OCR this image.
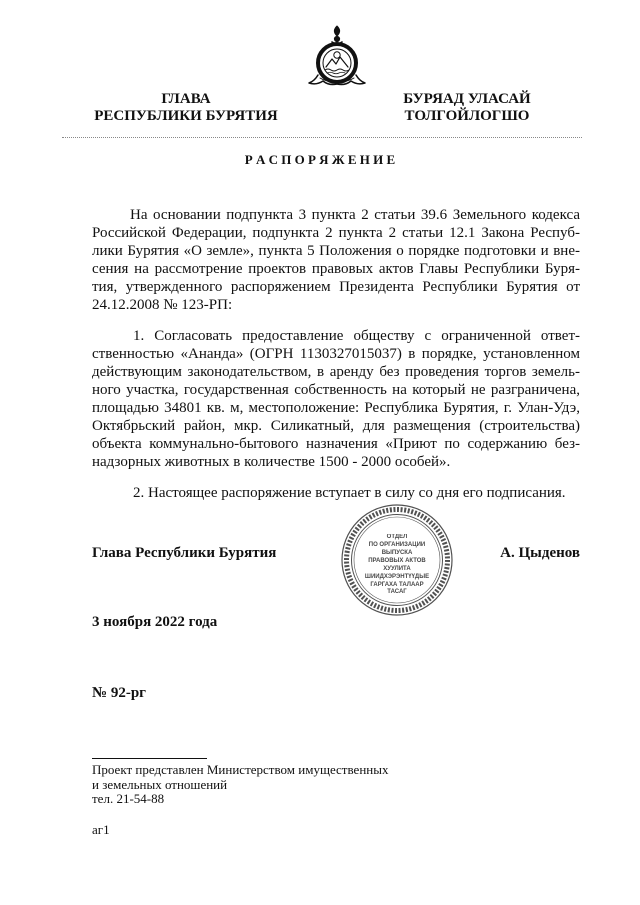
ГЛАВА
РЕСПУБЛИКИ БУРЯТИЯ
БУРЯАД УЛАСАЙ
ТОЛГОЙЛОГШО
Р А С П О Р Я Ж Е Н И Е
На основании подпункта 3 пункта 2 статьи 39.6 Земельного кодекса
Российской Федерации, подпункта 2 пункта 2 статьи 12.1 Закона Респуб-
лики Бурятия «О земле», пункта 5 Положения о порядке подготовки и вне-
сения на рассмотрение проектов правовых актов Главы Республики Буря-
тия, утвержденного распоряжением Президента Республики Бурятия от
24.12.2008 № 123-РП:
1. Согласовать предоставление обществу с ограниченной ответ-
ственностью «Ананда» (ОГРН 1130327015037) в порядке, установленном
действующим законодательством, в аренду без проведения торгов земель-
ного участка, государственная собственность на который не разграничена,
площадью 34801 кв. м, местоположение: Республика Бурятия, г. Улан-Удэ,
Октябрьский район, мкр. Силикатный, для размещения (строительства)
объекта коммунально-бытового назначения «Приют по содержанию без-
надзорных животных в количестве 1500 - 2000 особей».
2. Настоящее распоряжение вступает в силу со дня его подписания.
ОТДЕЛ
ПО ОРГАНИЗАЦИИ
ВЫПУСКА
ПРАВОВЫХ АКТОВ
ХУУЛИТА
ШИИДХЭРЭНТҮҮДЫЕ
ГАРГАХА ТАЛААР
ТАСАГ
Глава Республики Бурятия	А. Цыденов
3 ноября 2022 года
№ 92-рг
Проект представлен Министерством имущественных
и земельных отношений
тел. 21-54-88
аг1
